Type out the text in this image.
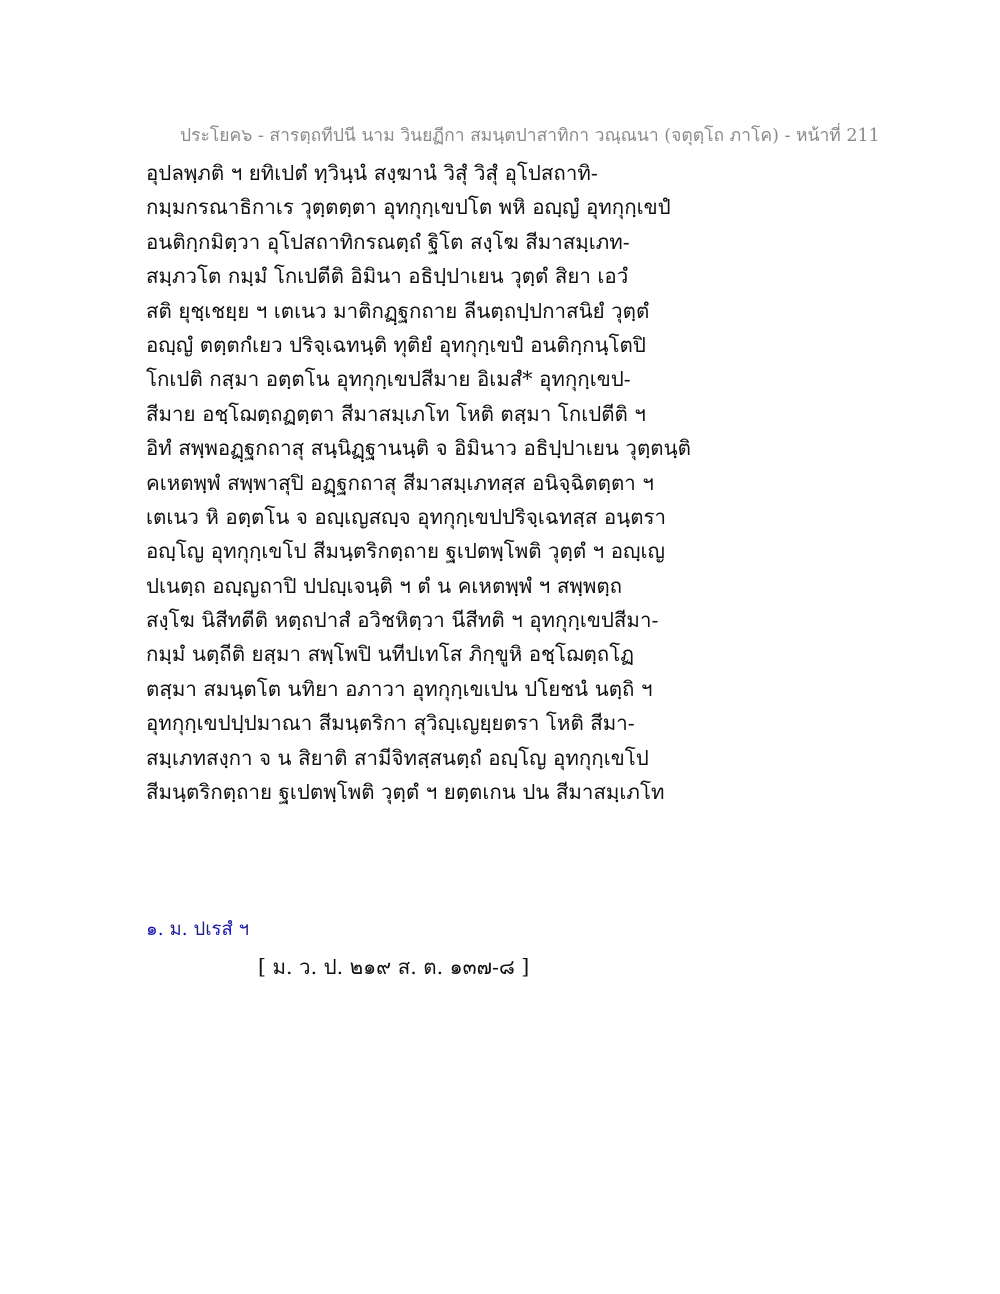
ประโยค๖ - สารตฺถทีปนี นาม วินยฏีกา สมนฺตปาสาทิกา วณฺณนา (จตุตฺโถ ภาโค) - หน้าที่ 211
อุปลพฺภติ ฯ ยทิเปตํ ทฺวินฺนํ สงฺฆานํ วิสุํ วิสุํ อุโปสถาทิ-
กมฺมกรณาธิกาเร วุตฺตตฺตา อุทกุกฺเขปโต พหิ อญฺญํ อุทกุกฺเขปํ
อนติกฺกมิตฺวา อุโปสถาทิกรณตฺถํ ฐิโต สงฺโฆ สีมาสมฺเภท-
สมฺภวโต กมฺมํ โกเปตีติ อิมินา อธิปฺปาเยน วุตฺตํ สิยา เอวํ
สติ ยุชฺเชยฺย ฯ เตเนว มาติกฏฺฐกถาย ลีนตฺถปฺปกาสนิยํ วุตฺตํ
อญฺญํ ตตฺตกํเยว ปริจฺเฉทนฺติ ทุติยํ อุทกุกฺเขปํ อนติกฺกนฺโตปิ
โกเปติ กสฺมา อตฺตโน อุทกุกฺเขปสีมาย อิเมสํ* อุทกุกฺเขป-
สีมาย อชฺโฌตฺถฏตฺตา สีมาสมฺเภโท โหติ ตสฺมา โกเปตีติ ฯ
อิทํ สพฺพอฏฺฐกถาสุ สนฺนิฏฺฐานนฺติ จ อิมินาว อธิปฺปาเยน วุตฺตนฺติ
คเหตพฺพํ สพฺพาสุปิ อฏฺฐกถาสุ สีมาสมฺเภทสฺส อนิจฺฉิตตฺตา ฯ
เตเนว หิ อตฺตโน จ อญฺเญสญฺจ อุทกุกฺเขปปริจฺเฉทสฺส อนฺตรา
อญฺโญ อุทกุกฺเขโป สีมนฺตริกตฺถาย ฐเปตพฺโพติ วุตฺตํ ฯ อญฺเญ
ปเนตฺถ อญฺญถาปิ ปปญฺเจนฺติ ฯ ตํ น คเหตพฺพํ ฯ สพฺพตฺถ
สงฺโฆ นิสีทตีติ หตฺถปาสํ อวิชหิตฺวา นีสีทติ ฯ อุทกุกฺเขปสีมา-
กมฺมํ นตฺถีติ ยสฺมา สพฺโพปิ นทีปเทโส ภิกฺขูหิ อชฺโฌตฺถโฏ
ตสฺมา สมนฺตโต นทิยา อภาวา อุทกุกฺเขเปน ปโยชนํ นตฺถิ ฯ
อุทกุกฺเขปปฺปมาณา สีมนฺตริกา สุวิญฺเญยฺยตรา โหติ สีมา-
สมฺเภทสงฺกา จ น สิยาติ สามีจิทสฺสนตฺถํ อญฺโญ อุทกุกฺเขโป
สีมนฺตริกตฺถาย ฐเปตพฺโพติ วุตฺตํ ฯ ยตฺตเกน ปน สีมาสมฺเภโท
๑. ม. ปเรสํ ฯ
[ ม. ว. ป. ๒๑๙ ส. ต. ๑๓๗-๘ ]
